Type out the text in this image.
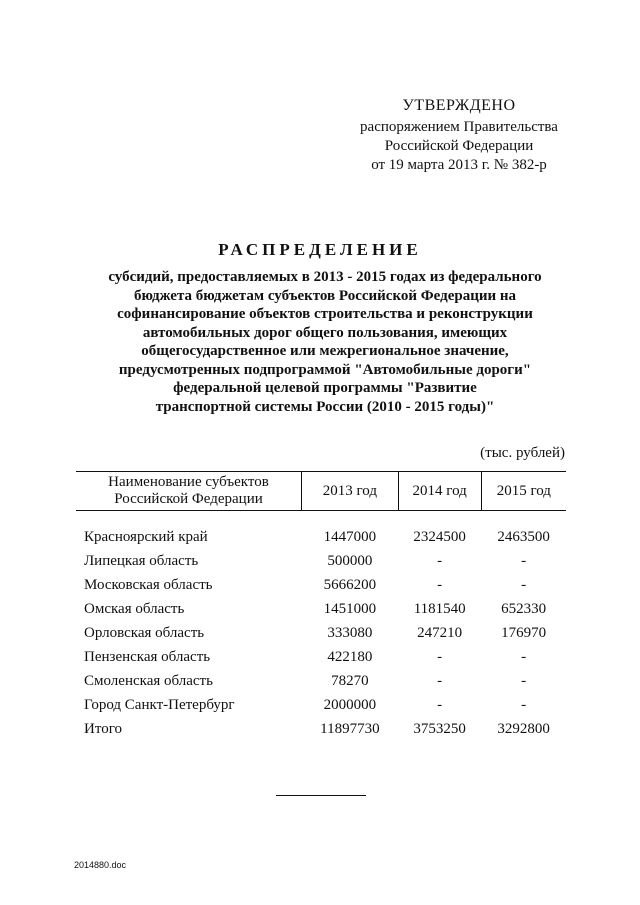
УТВЕРЖДЕНО
распоряжением Правительства
Российской Федерации
от 19 марта 2013 г. № 382-р
РАСПРЕДЕЛЕНИЕ
субсидий, предоставляемых в 2013 - 2015 годах из федерального
бюджета бюджетам субъектов Российской Федерации на
софинансирование объектов строительства и реконструкции
автомобильных дорог общего пользования, имеющих
общегосударственное или межрегиональное значение,
предусмотренных подпрограммой "Автомобильные дороги"
федеральной целевой программы "Развитие
транспортной системы России (2010 - 2015 годы)"
(тыс. рублей)
Наименование субъектов
Российской Федерации	2013 год	2014 год	2015 год

Красноярский край	1447000	2324500	2463500
Липецкая область	500000	-	-
Московская область	5666200	-	-
Омская область	1451000	1181540	652330
Орловская область	333080	247210	176970
Пензенская область	422180	-	-
Смоленская область	78270	-	-
Город Санкт-Петербург	2000000	-	-
Итого	11897730	3753250	3292800
2014880.doc
